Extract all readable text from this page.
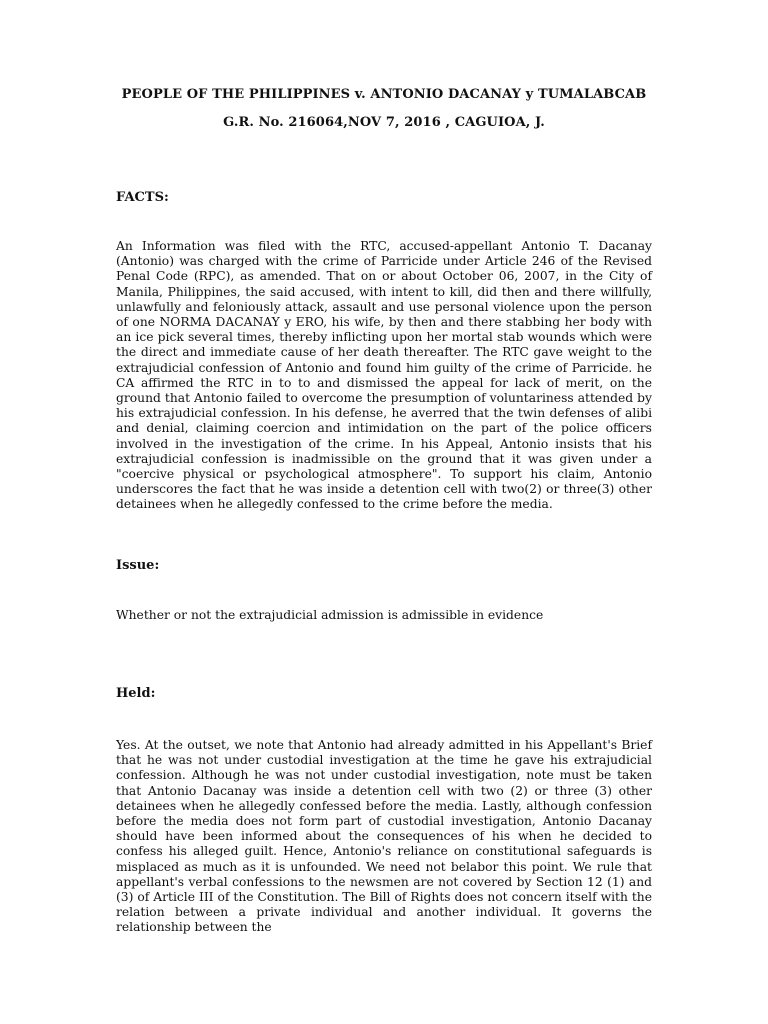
PEOPLE OF THE PHILIPPINES v. ANTONIO DACANAY y TUMALABCAB
G.R. No. 216064,NOV 7, 2016 , CAGUIOA, J.
FACTS:

An Information was filed with the RTC, accused-appellant Antonio T. Dacanay (Antonio) was charged with the crime of Parricide under Article 246 of the Revised Penal Code (RPC), as amended. That on or about October 06, 2007, in the City of Manila, Philippines, the said accused, with intent to kill, did then and there willfully, unlawfully and feloniously attack, assault and use personal violence upon the person of one NORMA DACANAY y ERO, his wife, by then and there stabbing her body with an ice pick several times, thereby inflicting upon her mortal stab wounds which were the direct and immediate cause of her death thereafter. The RTC gave weight to the extrajudicial confession of Antonio and found him guilty of the crime of Parricide. he CA affirmed the RTC in to to and dismissed the appeal for lack of merit, on the ground that Antonio failed to overcome the presumption of voluntariness attended by his extrajudicial confession. In his defense, he averred that the twin defenses of alibi and denial, claiming coercion and intimidation on the part of the police officers involved in the investigation of the crime. In his Appeal, Antonio insists that his extrajudicial confession is inadmissible on the ground that it was given under a "coercive physical or psychological atmosphere". To support his claim, Antonio underscores the fact that he was inside a detention cell with two(2) or three(3) other detainees when he allegedly confessed to the crime before the media.

Issue:

Whether or not the extrajudicial admission is admissible in evidence

Held:

Yes. At the outset, we note that Antonio had already admitted in his Appellant's Brief that he was not under custodial investigation at the time he gave his extrajudicial confession. Although he was not under custodial investigation, note must be taken that Antonio Dacanay was inside a detention cell with two (2) or three (3) other detainees when he allegedly confessed before the media. Lastly, although confession before the media does not form part of custodial investigation, Antonio Dacanay should have been informed about the consequences of his when he decided to confess his alleged guilt. Hence, Antonio's reliance on constitutional safeguards is misplaced as much as it is unfounded. We need not belabor this point. We rule that appellant's verbal confessions to the newsmen are not covered by Section 12 (1) and (3) of Article III of the Constitution. The Bill of Rights does not concern itself with the relation between a private individual and another individual. It governs the relationship between the
